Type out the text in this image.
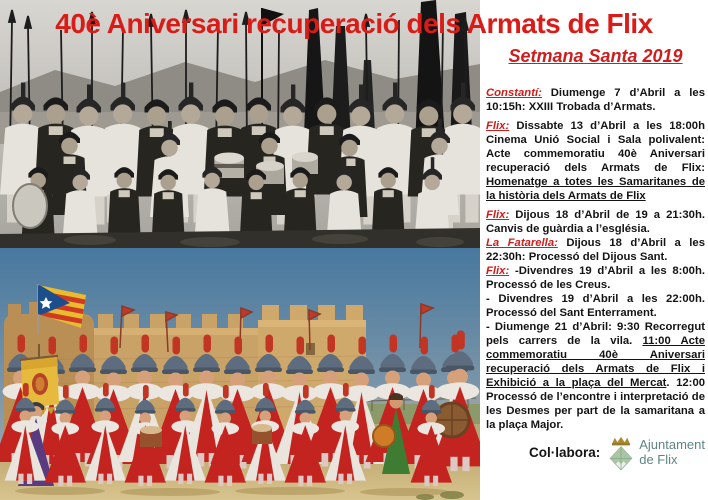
40è Aniversari recuperació dels Armats de Flix
Setmana Santa 2019

Constantí: Diumenge 7 d’Abril a les 10:15h: XXIII Trobada d’Armats.

Flix: Dissabte 13 d’Abril a les 18:00h Cinema Unió Social i Sala polivalent: Acte commemoratiu 40è Aniversari recuperació dels Armats de Flix: Homenatge a totes les Samaritanes de la història dels Armats de Flix

Flix: Dijous 18 d’Abril de 19 a 21:30h. Canvis de guàrdia a l’església.

La Fatarella: Dijous 18 d’Abril a les 22:30h: Processó del Dijous Sant.

Flix: -Divendres 19 d’Abril a les 8:00h. Processó de les Creus.

- Divendres 19 d’Abril a les 22:00h. Processó del Sant Enterrament.

- Diumenge 21 d’Abril: 9:30 Recorregut pels carrers de la vila. 11:00 Acte commemoratiu 40è Aniversari recuperació dels Armats de Flix i Exhibició a la plaça del Mercat. 12:00 Processó de l’encontre i interpretació de les Desmes per part de la samaritana a la plaça Major.

Col·labora:
Ajuntament
de Flix
